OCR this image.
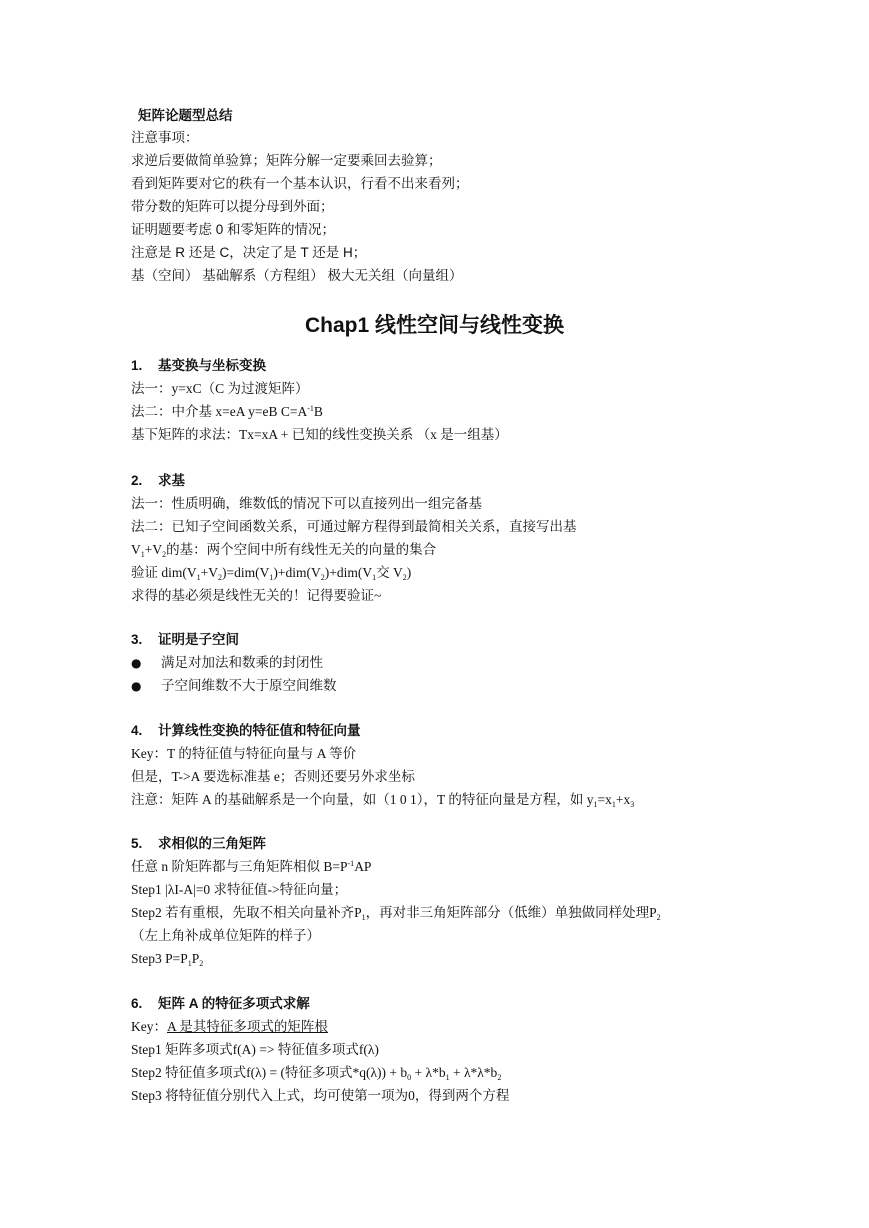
矩阵论题型总结
注意事项：
求逆后要做简单验算；矩阵分解一定要乘回去验算；
看到矩阵要对它的秩有一个基本认识，行看不出来看列；
带分数的矩阵可以提分母到外面；
证明题要考虑 0 和零矩阵的情况；
注意是 R 还是 C，决定了是 T 还是 H；
基（空间） 基础解系（方程组） 极大无关组（向量组）
Chap1 线性空间与线性变换
1. 基变换与坐标变换
法一：y=xC（C 为过渡矩阵）
法二：中介基 x=eA y=eB $C=A^{-1}B$
基下矩阵的求法：Tx=xA + 已知的线性变换关系 （x 是一组基）
2. 求基
法一：性质明确，维数低的情况下可以直接列出一组完备基
法二：已知子空间函数关系，可通过解方程得到最简相关关系，直接写出基
$V_1+V_2$的基：两个空间中所有线性无关的向量的集合
验证 $dim(V_1+V_2)=dim(V_1)+dim(V_2)+dim(V_1$交 $V_2$)
求得的基必须是线性无关的！记得要验证~
3. 证明是子空间
● 满足对加法和数乘的封闭性
● 子空间维数不大于原空间维数
4. 计算线性变换的特征值和特征向量
Key：T 的特征值与特征向量与 A 等价
但是，T->A 要选标准基 e；否则还要另外求坐标
注意：矩阵 A 的基础解系是一个向量，如（1 0 1），T 的特征向量是方程，如 $y_1=x_1+x_3$
5. 求相似的三角矩阵
任意 n 阶矩阵都与三角矩阵相似 $B=P^{-1}AP$
Step1 |λI-A|=0 求特征值->特征向量；
Step2 若有重根，先取不相关向量补齐$P_1$，再对非三角矩阵部分（低维）单独做同样处理$P_2$
（左上角补成单位矩阵的样子）
Step3 $P=P_1P_2$
6. 矩阵 A 的特征多项式求解
Key：A 是其特征多项式的矩阵根
Step1 矩阵多项式f(A) => 特征值多项式f(λ)
Step2 特征值多项式f(λ) = (特征多项式$*q(\lambda)) + b_0 + \lambda*b_1 + \lambda*\lambda*b_2$
Step3 将特征值分别代入上式，均可使第一项为0，得到两个方程
